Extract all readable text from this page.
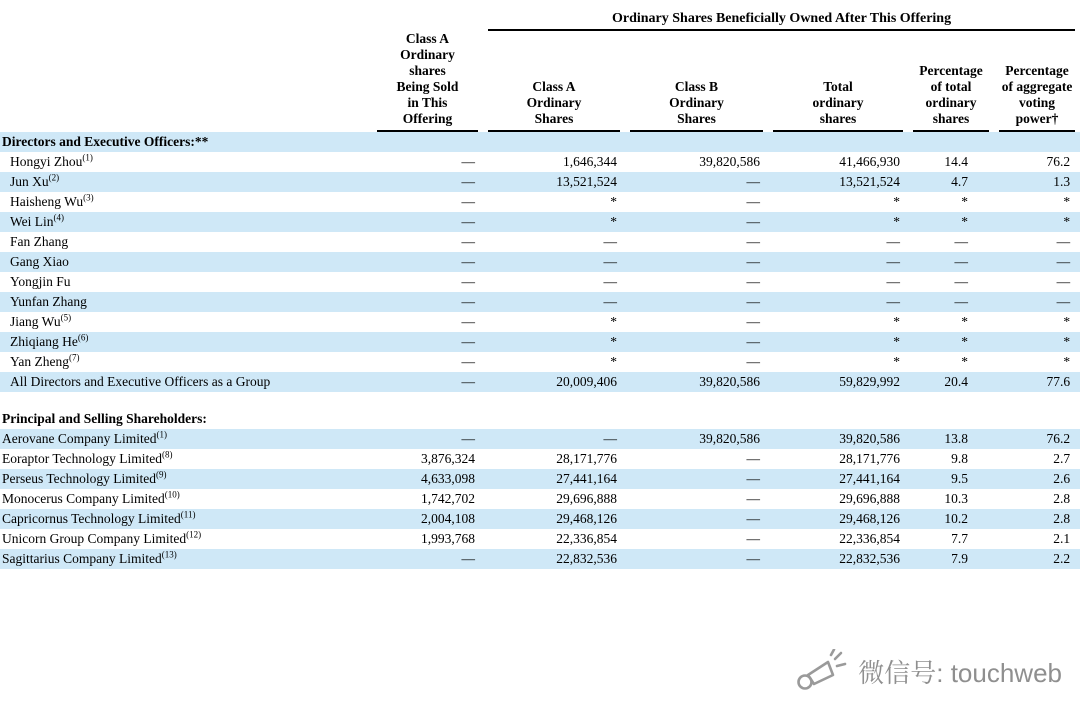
		Ordinary Shares Beneficially Owned After This Offering				

	Class A Ordinary shares Being Sold in This Offering	Class A Ordinary Shares	Class B Ordinary Shares	Total ordinary shares	Percentage of total ordinary shares	Percentage of aggregate voting power†

Directors and Executive Officers:**						
Hongyi Zhou$^{(1)}$	—	1,646,344	39,820,586	41,466,930	14.4	76.2
Jun Xu$^{(2)}$	—	13,521,524	—	13,521,524	4.7	1.3
Haisheng Wu$^{(3)}$	—	*	—	*	*	*
Wei Lin$^{(4)}$	—	*	—	*	*	*
Fan Zhang	—	—	—	—	—	—
Gang Xiao	—	—	—	—	—	—
Yongjin Fu	—	—	—	—	—	—
Yunfan Zhang	—	—	—	—	—	—
Jiang Wu$^{(5)}$	—	*	—	*	*	*
Zhiqiang He$^{(6)}$	—	*	—	*	*	*
Yan Zheng$^{(7)}$	—	*	—	*	*	*
All Directors and Executive Officers as a Group	—	20,009,406	39,820,586	59,829,992	20.4	77.6

Principal and Selling Shareholders:						
Aerovane Company Limited$^{(1)}$	—	—	39,820,586	39,820,586	13.8	76.2
Eoraptor Technology Limited$^{(8)}$	3,876,324	28,171,776	—	28,171,776	9.8	2.7
Perseus Technology Limited$^{(9)}$	4,633,098	27,441,164	—	27,441,164	9.5	2.6
Monocerus Company Limited$^{(10)}$	1,742,702	29,696,888	—	29,696,888	10.3	2.8
Capricornus Technology Limited$^{(11)}$	2,004,108	29,468,126	—	29,468,126	10.2	2.8
Unicorn Group Company Limited$^{(12)}$	1,993,768	22,336,854	—	22,336,854	7.7	2.1
Sagittarius Company Limited$^{(13)}$	—	22,832,536	—	22,832,536	7.9	2.2
微信号: touchweb
